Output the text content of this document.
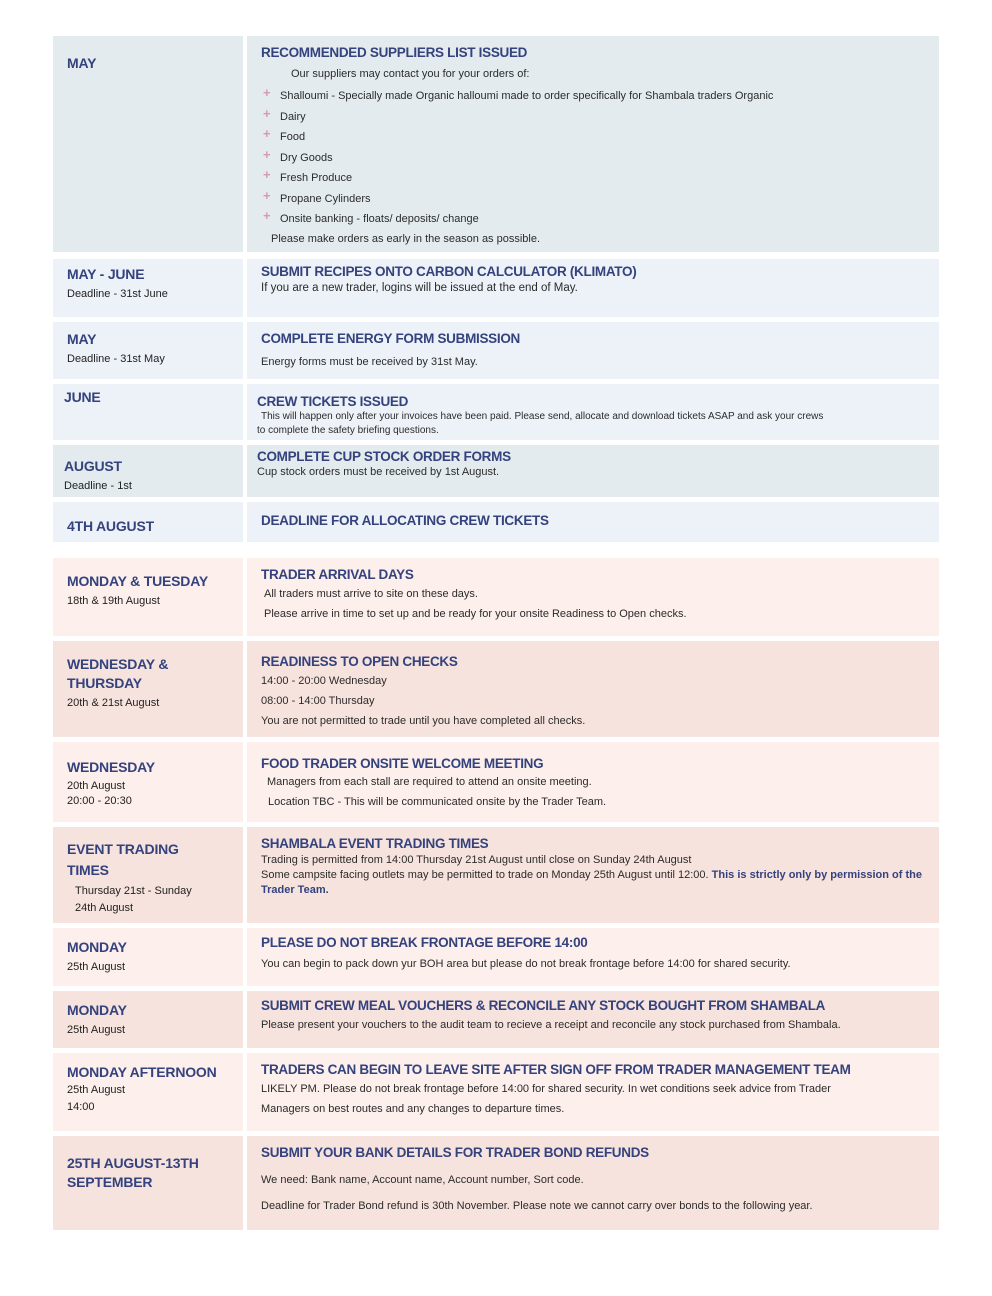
MAY
RECOMMENDED SUPPLIERS LIST ISSUED
Our suppliers may contact you for your orders of:
+ Shalloumi - Specially made Organic halloumi made to order specifically for Shambala traders Organic
+ Dairy
+ Food
+ Dry Goods
+ Fresh Produce
+ Propane Cylinders
+ Onsite banking - floats/ deposits/ change
Please make orders as early in the season as possible.
MAY - JUNE
Deadline - 31st June
SUBMIT RECIPES ONTO CARBON CALCULATOR (KLIMATO)
If you are a new trader, logins will be issued at the end of May.
MAY
Deadline - 31st May
COMPLETE ENERGY FORM SUBMISSION
Energy forms must be received by 31st May.
JUNE	CREW TICKETS ISSUED
This will happen only after your invoices have been paid. Please send, allocate and download tickets ASAP and ask your crews
to complete the safety briefing questions.
AUGUST
Deadline - 1st
COMPLETE CUP STOCK ORDER FORMS
Cup stock orders must be received by 1st August.
4TH AUGUST	DEADLINE FOR ALLOCATING CREW TICKETS
MONDAY & TUESDAY
18th & 19th August
TRADER ARRIVAL DAYS
All traders must arrive to site on these days.
Please arrive in time to set up and be ready for your onsite Readiness to Open checks.
WEDNESDAY & THURSDAY
20th & 21st August
READINESS TO OPEN CHECKS
14:00 - 20:00 Wednesday
08:00 - 14:00 Thursday
You are not permitted to trade until you have completed all checks.
WEDNESDAY
20th August
20:00 - 20:30
FOOD TRADER ONSITE WELCOME MEETING
Managers from each stall are required to attend an onsite meeting.
Location TBC - This will be communicated onsite by the Trader Team.
EVENT TRADING TIMES
Thursday 21st - Sunday 24th August
SHAMBALA EVENT TRADING TIMES
Trading is permitted from 14:00 Thursday 21st August until close on Sunday 24th August
Some campsite facing outlets may be permitted to trade on Monday 25th August until 12:00. This is strictly only by permission of the Trader Team.
MONDAY
25th August
PLEASE DO NOT BREAK FRONTAGE BEFORE 14:00
You can begin to pack down yur BOH area but please do not break frontage before 14:00 for shared security.
MONDAY
25th August
SUBMIT CREW MEAL VOUCHERS & RECONCILE ANY STOCK BOUGHT FROM SHAMBALA
Please present your vouchers to the audit team to recieve a receipt and reconcile any stock purchased from Shambala.
MONDAY AFTERNOON
25th August
14:00
TRADERS CAN BEGIN TO LEAVE SITE AFTER SIGN OFF FROM TRADER MANAGEMENT TEAM
LIKELY PM. Please do not break frontage before 14:00 for shared security. In wet conditions seek advice from Trader
Managers on best routes and any changes to departure times.
25TH AUGUST-13TH SEPTEMBER
SUBMIT YOUR BANK DETAILS FOR TRADER BOND REFUNDS
We need: Bank name, Account name, Account number, Sort code.
Deadline for Trader Bond refund is 30th November. Please note we cannot carry over bonds to the following year.
